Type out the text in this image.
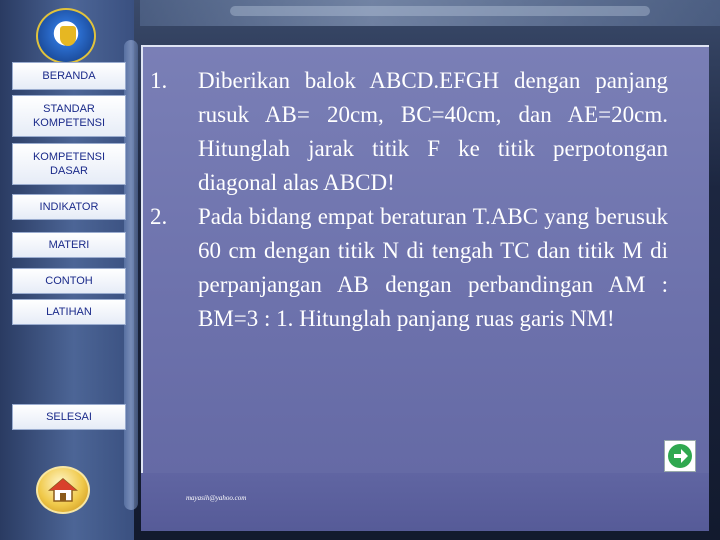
BERANDA
STANDAR KOMPETENSI
KOMPETENSI DASAR
INDIKATOR
MATERI
CONTOH
LATIHAN
SELESAI
1.	Diberikan balok ABCD.EFGH dengan panjang rusuk AB= 20cm, BC=40cm, dan AE=20cm. Hitunglah jarak titik F ke titik perpotongan diagonal alas ABCD!
2.	Pada bidang empat beraturan T.ABC yang berusuk 60 cm dengan titik N di tengah TC dan titik M di perpanjangan AB dengan perbandingan AM : BM=3 : 1. Hitunglah panjang ruas garis NM!
mayasih@yahoo.com
